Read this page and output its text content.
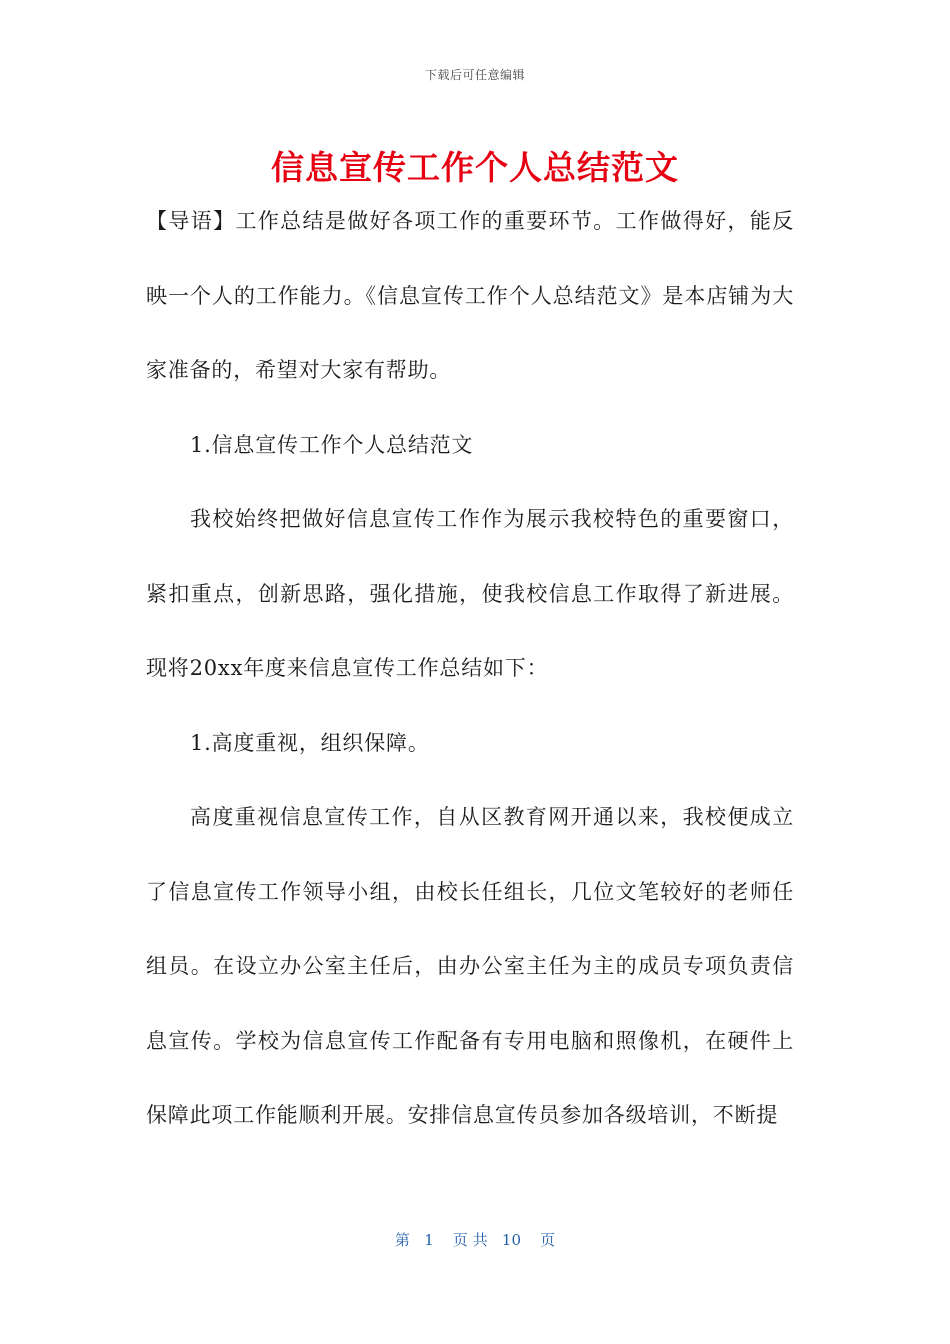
下载后可任意编辑
信息宣传工作个人总结范文

【导语】工作总结是做好各项工作的重要环节。工作做得好，能反映一个人的工作能力。《信息宣传工作个人总结范文》是本店铺为大家准备的，希望对大家有帮助。

1.信息宣传工作个人总结范文

我校始终把做好信息宣传工作作为展示我校特色的重要窗口，紧扣重点，创新思路，强化措施，使我校信息工作取得了新进展。现将20xx年度来信息宣传工作总结如下：

1.高度重视，组织保障。

高度重视信息宣传工作，自从区教育网开通以来，我校便成立了信息宣传工作领导小组，由校长任组长，几位文笔较好的老师任组员。在设立办公室主任后，由办公室主任为主的成员专项负责信息宣传。学校为信息宣传工作配备有专用电脑和照像机，在硬件上保障此项工作能顺利开展。安排信息宣传员参加各级培训，不断提

第 1 页 共 10 页
